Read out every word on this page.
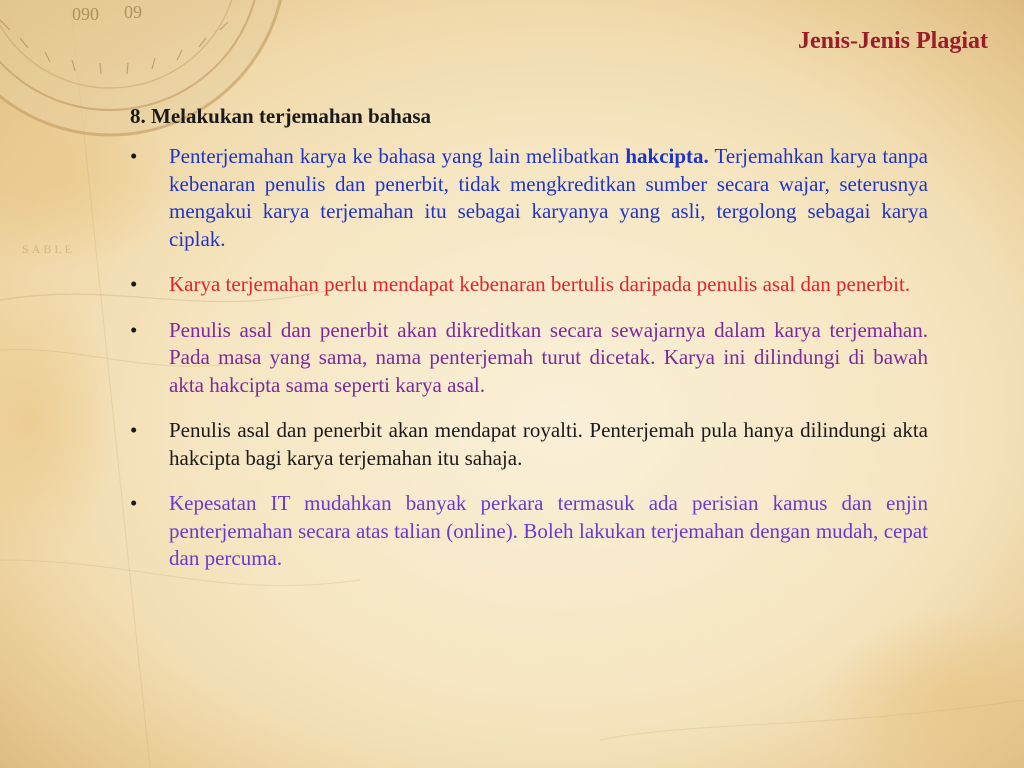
090 09
SABLE
Jenis-Jenis Plagiat

8. Melakukan terjemahan bahasa

• Penterjemahan karya ke bahasa yang lain melibatkan hakcipta. Terjemahkan karya tanpa kebenaran penulis dan penerbit, tidak mengkreditkan sumber secara wajar, seterusnya mengakui karya terjemahan itu sebagai karyanya yang asli, tergolong sebagai karya ciplak.
• Karya terjemahan perlu mendapat kebenaran bertulis daripada penulis asal dan penerbit.
• Penulis asal dan penerbit akan dikreditkan secara sewajarnya dalam karya terjemahan. Pada masa yang sama, nama penterjemah turut dicetak. Karya ini dilindungi di bawah akta hakcipta sama seperti karya asal.
• Penulis asal dan penerbit akan mendapat royalti. Penterjemah pula hanya dilindungi akta hakcipta bagi karya terjemahan itu sahaja.
• Kepesatan IT mudahkan banyak perkara termasuk ada perisian kamus dan enjin penterjemahan secara atas talian (online). Boleh lakukan terjemahan dengan mudah, cepat dan percuma.
